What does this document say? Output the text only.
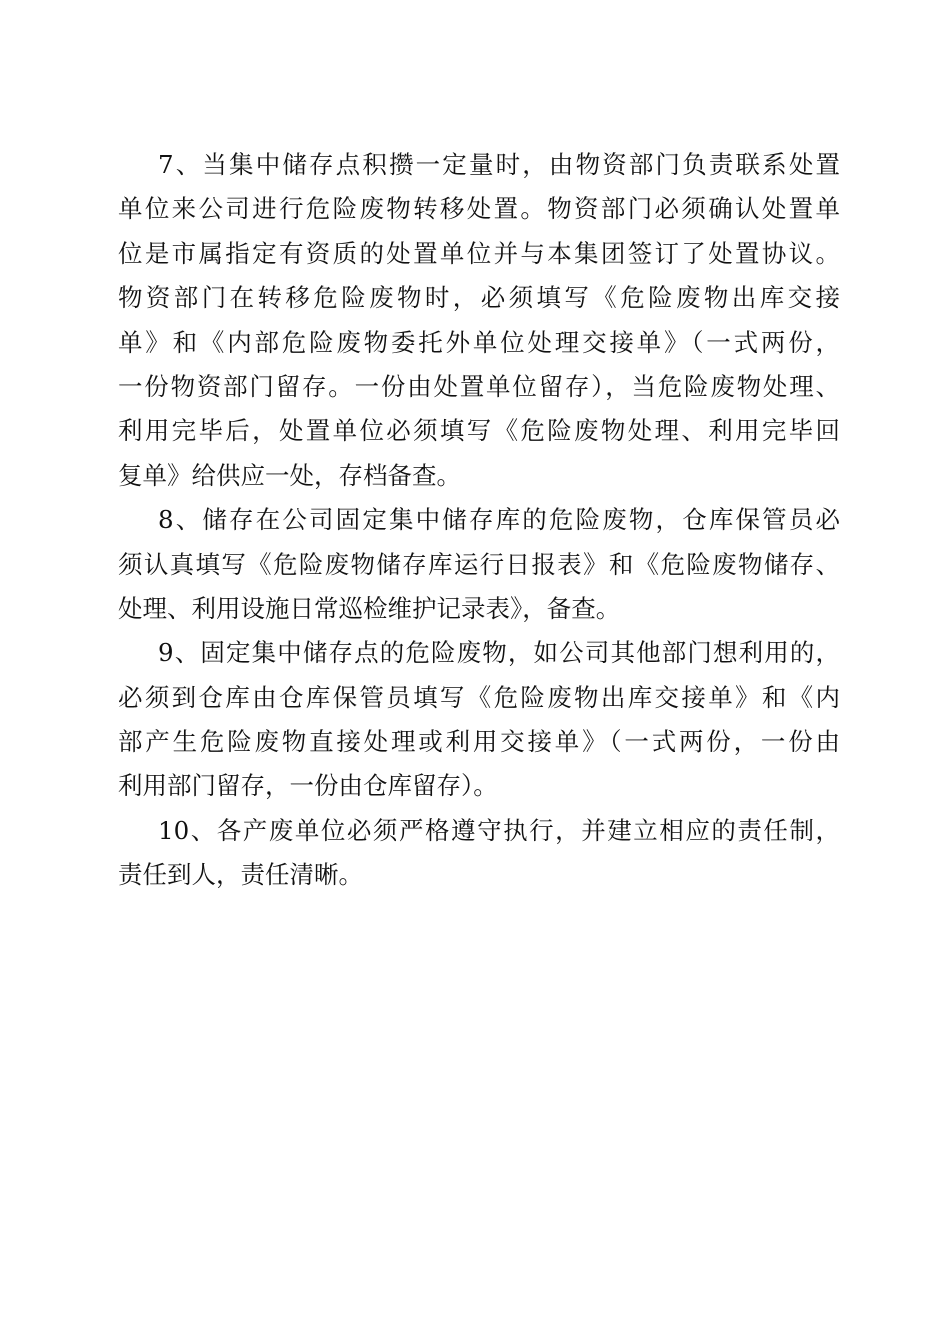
7、当集中储存点积攒一定量时，由物资部门负责联系处置
单位来公司进行危险废物转移处置。物资部门必须确认处置单
位是市属指定有资质的处置单位并与本集团签订了处置协议。
物资部门在转移危险废物时，必须填写《危险废物出库交接
单》和《内部危险废物委托外单位处理交接单》（一式两份，
一份物资部门留存。一份由处置单位留存），当危险废物处理、
利用完毕后，处置单位必须填写《危险废物处理、利用完毕回
复单》给供应一处，存档备查。
8、储存在公司固定集中储存库的危险废物，仓库保管员必
须认真填写《危险废物储存库运行日报表》和《危险废物储存、
处理、利用设施日常巡检维护记录表》，备查。
9、固定集中储存点的危险废物，如公司其他部门想利用的，
必须到仓库由仓库保管员填写《危险废物出库交接单》和《内
部产生危险废物直接处理或利用交接单》（一式两份，一份由
利用部门留存，一份由仓库留存）。
10、各产废单位必须严格遵守执行，并建立相应的责任制，
责任到人，责任清晰。
